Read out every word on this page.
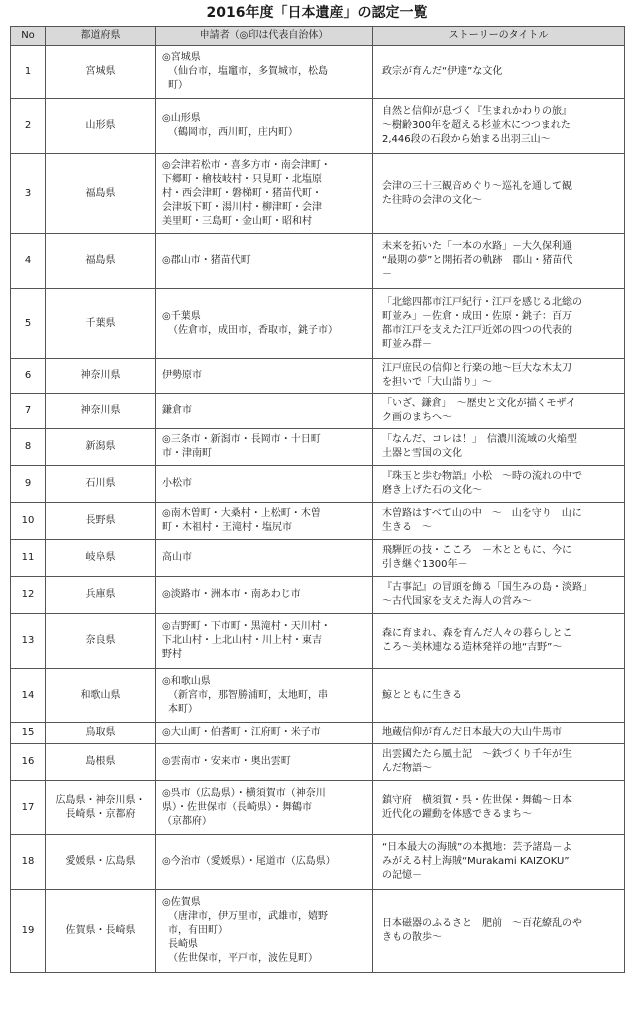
2016年度「日本遺産」の認定一覧
No	都道府県	申請者（◎印は代表自治体）	ストーリーのタイトル
1	宮城県	◎宮城県
（仙台市，塩竈市，多賀城市，松島
町）	政宗が育んだ“伊達”な文化

2	山形県	◎山形県
（鶴岡市，西川町，庄内町）	自然と信仰が息づく『生まれかわりの旅』
～樹齢300年を超える杉並木につつまれた
2,446段の石段から始まる出羽三山～

3	福島県	◎会津若松市・喜多方市・南会津町・
下郷町・檜枝岐村・只見町・北塩原
村・西会津町・磐梯町・猪苗代町・
会津坂下町・湯川村・柳津町・会津
美里町・三島町・金山町・昭和村	会津の三十三観音めぐり～巡礼を通して観
た往時の会津の文化～

4	福島県	◎郡山市・猪苗代町	未来を拓いた「一本の水路」－大久保利通
“最期の夢”と開拓者の軌跡　郡山・猪苗代
－

5	千葉県	◎千葉県
（佐倉市，成田市，香取市，銚子市）	「北総四都市江戸紀行・江戸を感じる北総の
町並み」－佐倉・成田・佐原・銚子：百万
都市江戸を支えた江戸近郊の四つの代表的
町並み群－

6	神奈川県	伊勢原市	江戸庶民の信仰と行楽の地～巨大な木太刀
を担いで「大山詣り」～

7	神奈川県	鎌倉市	「いざ、鎌倉」　～歴史と文化が描くモザイ
ク画のまちへ～

8	新潟県	◎三条市・新潟市・長岡市・十日町
市・津南町	「なんだ、コレは！」　信濃川流域の火焔型
土器と雪国の文化

9	石川県	小松市	『珠玉と歩む物語』小松　～時の流れの中で
磨き上げた石の文化～

10	長野県	◎南木曽町・大桑村・上松町・木曽
町・木祖村・王滝村・塩尻市	木曽路はすべて山の中　～　山を守り　山に
生きる　～

11	岐阜県	高山市	飛騨匠の技・こころ　－木とともに、今に
引き継ぐ1300年－

12	兵庫県	◎淡路市・洲本市・南あわじ市	『古事記』の冒頭を飾る「国生みの島・淡路」
～古代国家を支えた海人の営み～

13	奈良県	◎吉野町・下市町・黒滝村・天川村・
下北山村・上北山村・川上村・東吉
野村	森に育まれ、森を育んだ人々の暮らしとこ
ころ～美林連なる造林発祥の地“吉野”～

14	和歌山県	◎和歌山県
（新宮市，那智勝浦町，太地町，串
本町）	鯨とともに生きる

15	鳥取県	◎大山町・伯耆町・江府町・米子市	地蔵信仰が育んだ日本最大の大山牛馬市

16	島根県	◎雲南市・安来市・奥出雲町	出雲國たたら風土記　～鉄づくり千年が生
んだ物語～

17	広島県・神奈川県・
長崎県・京都府	◎呉市（広島県）・横須賀市（神奈川
県）・佐世保市（長崎県）・舞鶴市
（京都府）	鎮守府　横須賀・呉・佐世保・舞鶴～日本
近代化の躍動を体感できるまち～

18	愛媛県・広島県	◎今治市（愛媛県）・尾道市（広島県）	“日本最大の海賊”の本拠地：芸予諸島－よ
みがえる村上海賊“Murakami KAIZOKU”
の記憶－

19	佐賀県・長崎県	◎佐賀県
（唐津市，伊万里市，武雄市，嬉野
市，有田町）
長崎県
（佐世保市，平戸市，波佐見町）	日本磁器のふるさと　肥前　～百花繚乱のや
きもの散歩～
